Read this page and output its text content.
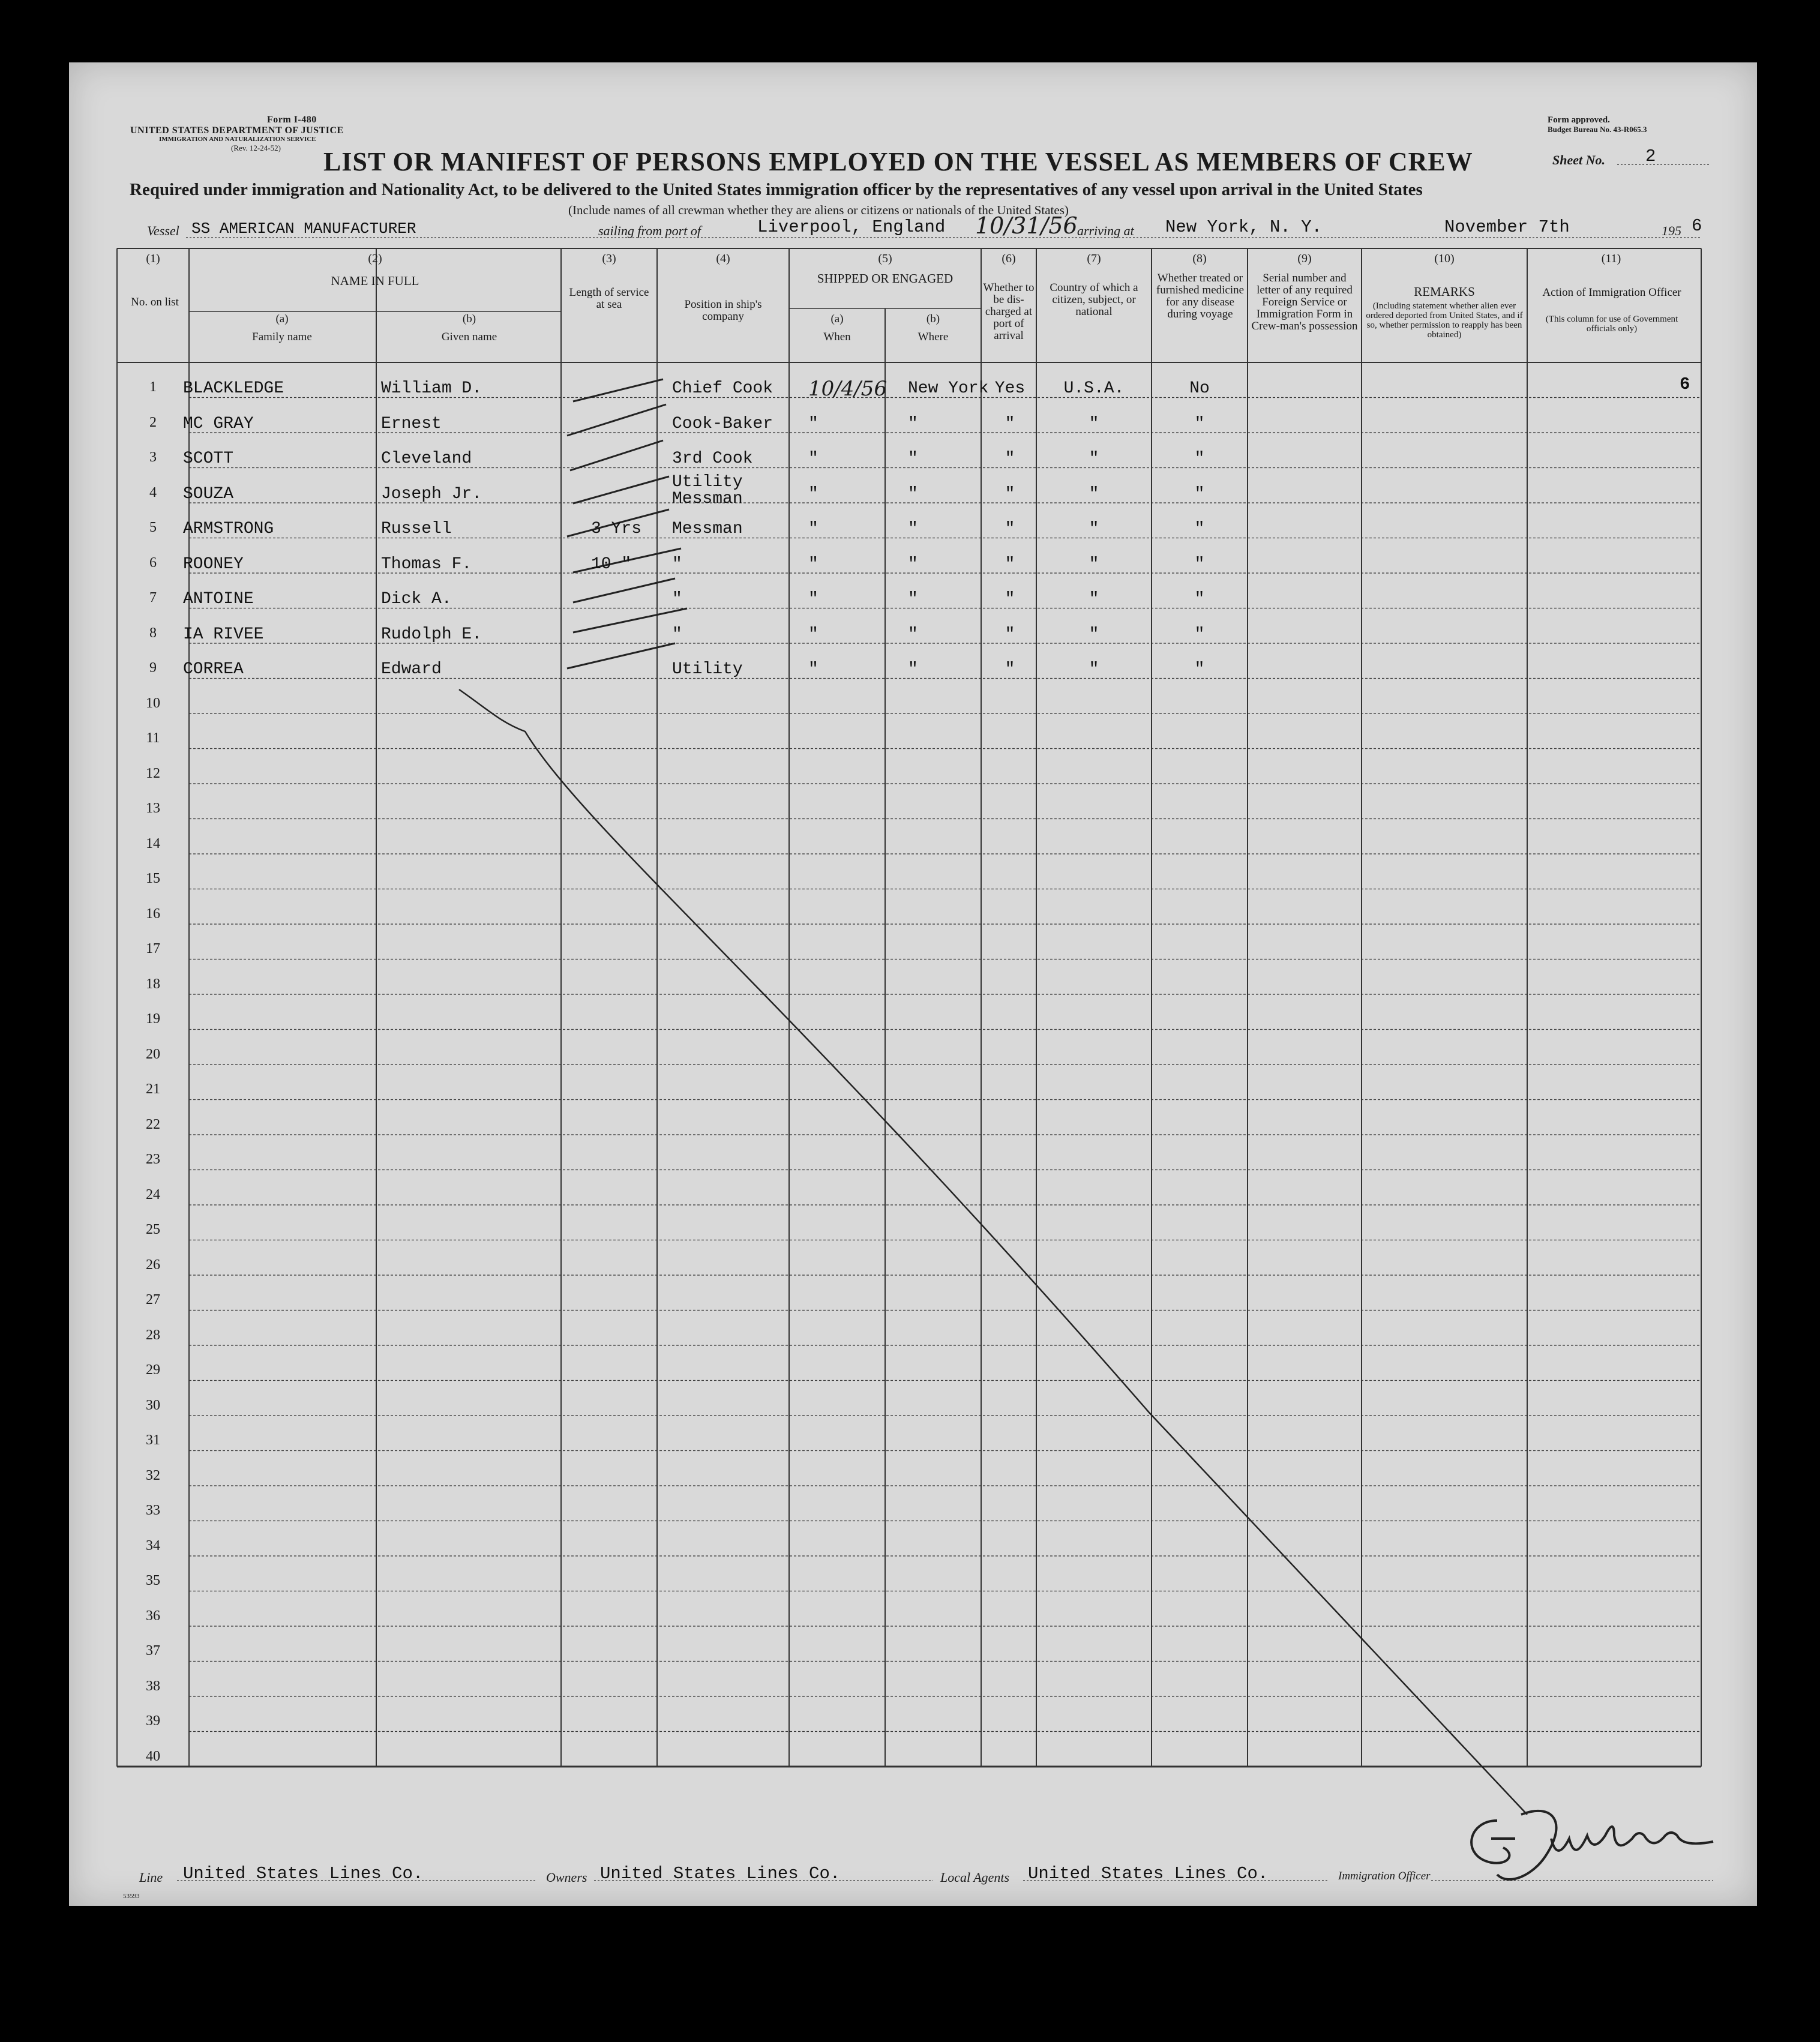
Form I-480
UNITED STATES DEPARTMENT OF JUSTICE
IMMIGRATION AND NATURALIZATION SERVICE
(Rev. 12-24-52)
Form approved.
Budget Bureau No. 43-R065.3
Sheet No. 2
LIST OR MANIFEST OF PERSONS EMPLOYED ON THE VESSEL AS MEMBERS OF CREW
Required under immigration and Nationality Act, to be delivered to the United States immigration officer by the representatives of any vessel upon arrival in the United States
(Include names of all crewman whether they are aliens or citizens or nationals of the United States)
Vessel SS AMERICAN MANUFACTURER	sailing from port of	Liverpool, England 10/31/56 arriving at New York, N. Y.	November 7th	195 6
(1)	(2)	(3)	(4)	(5)	(6)	(7)	(8)	(9)	(10)	(11)
No. on list
NAME IN FULL
(a)
Family name
(b)
Given name
Length of service at sea	Position in ship's company
SHIPPED OR ENGAGED
(a)
When
(b)
Where
Whether to be dis-charged at port of arrival
Country of which a citizen, subject, or national
Whether treated or furnished medicine for any disease during voyage
Serial number and letter of any required Foreign Service or Immigration Form in Crew-man's possession
REMARKS
(Including statement whether alien ever ordered deported from United States, and if so, whether permission to reapply has been obtained)
Action of Immigration Officer
(This column for use of Government officials only)
1
2
3
4
5
6
7
8
9
10
11
12
13
14
15
16
17
18
19
20
21
22
23
24
25
26
27
28
29
30
31
32
33
34
35
36
37
38
39
40
BLACKLEDGE	William D.	Chief Cook 10/4/56 New York Yes	U.S.A.	No
MC GRAY	Ernest	Cook-Baker "	"	"	"	"
SCOTT	Cleveland	3rd Cook	"	"	"	"	"
SOUZA	Joseph Jr.
Utility
Messman	"	"	"	"	"
ARMSTRONG	Russell	3 Yrs Messman	"	"	"	"	"
ROONEY	Thomas F.	10 " "	"	"	"	"	"
ANTOINE	Dick A.	"	"	"	"	"	"
IA RIVEE	Rudolph E.	"	"	"	"	"	"
CORREA	Edward	Utility	"	"	"	"	"
6
Line United States Lines Co.	Owners United States Lines Co.	Local Agents United States Lines Co.	Immigration Officer
53593
